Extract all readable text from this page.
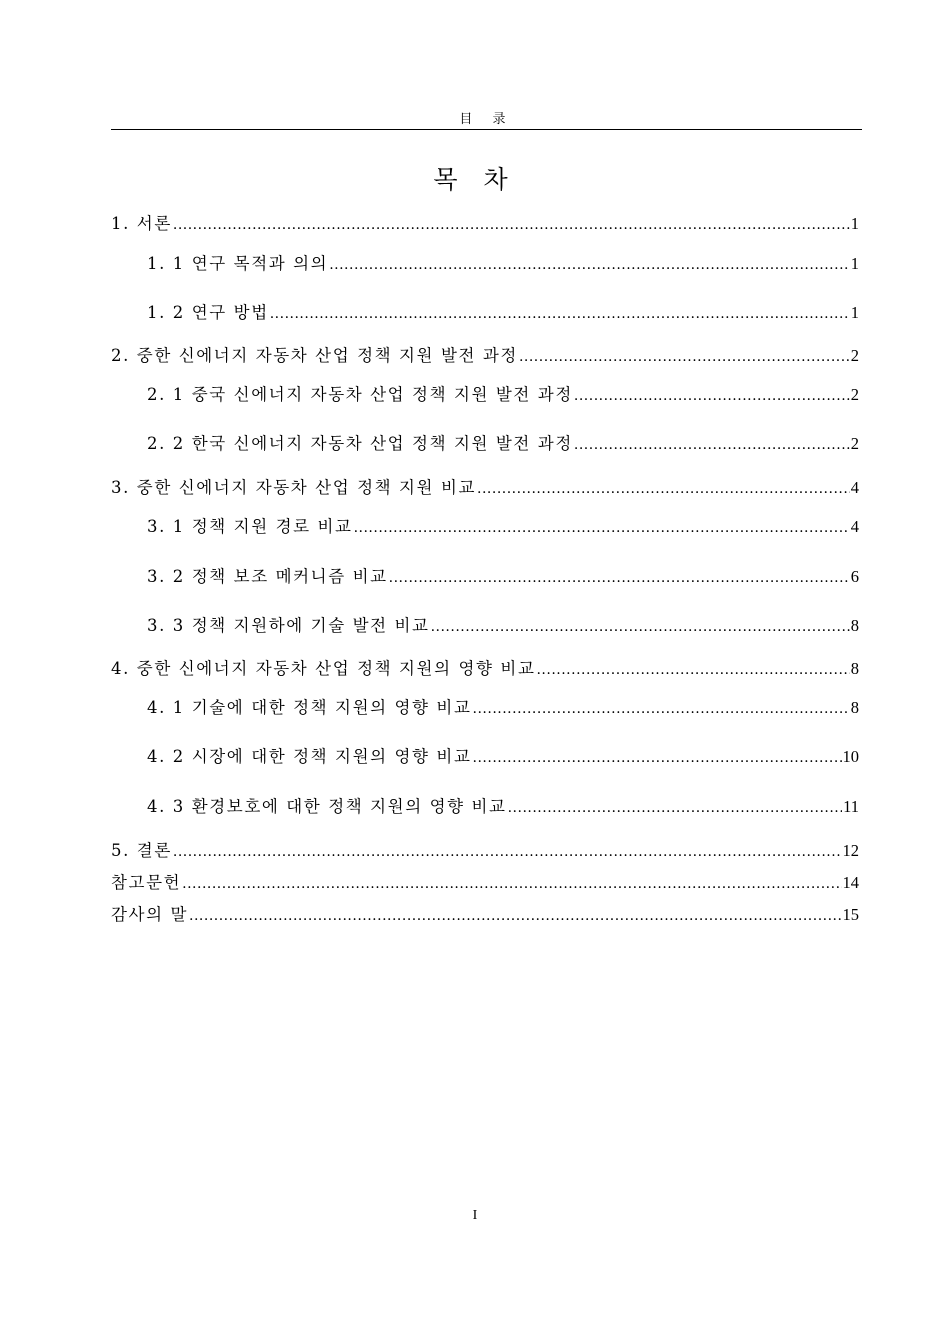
目 录
목 차
1. 서론 .....	1
1. 1 연구 목적과 의의 .....	1
1. 2 연구 방법 .....	1
2. 중한 신에너지 자동차 산업 정책 지원 발전 과정 .....	2
2. 1 중국 신에너지 자동차 산업 정책 지원 발전 과정 .....	2
2. 2 한국 신에너지 자동차 산업 정책 지원 발전 과정 .....	2
3. 중한 신에너지 자동차 산업 정책 지원 비교 .....	4
3. 1 정책 지원 경로 비교 .....	4
3. 2 정책 보조 메커니즘 비교 .....	6
3. 3 정책 지원하에 기술 발전 비교 .....	8
4. 중한 신에너지 자동차 산업 정책 지원의 영향 비교 .....	8
4. 1 기술에 대한 정책 지원의 영향 비교 .....	8
4. 2 시장에 대한 정책 지원의 영향 비교 .....	10
4. 3 환경보호에 대한 정책 지원의 영향 비교 .....	11
5. 결론 .....	12
참고문헌 .....	14
감사의 말 .....	15
I
